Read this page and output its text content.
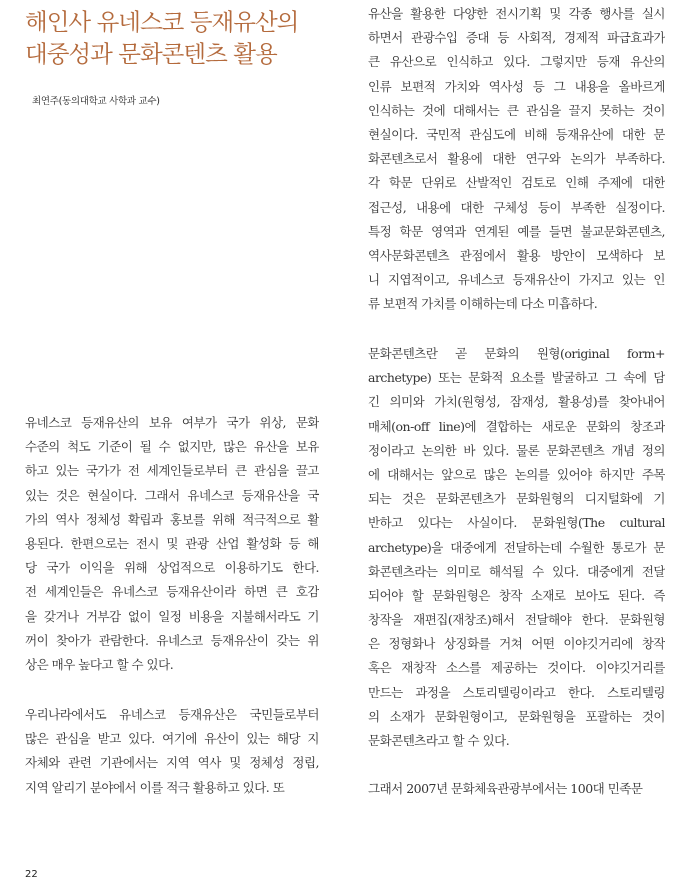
해인사 유네스코 등재유산의
대중성과 문화콘텐츠 활용
최연주(동의대학교 사학과 교수)
유네스코 등재유산의 보유 여부가 국가 위상, 문화
수준의 척도 기준이 될 수 없지만, 많은 유산을 보유
하고 있는 국가가 전 세계인들로부터 큰 관심을 끌고
있는 것은 현실이다. 그래서 유네스코 등재유산을 국
가의 역사 정체성 확립과 홍보를 위해 적극적으로 활
용된다. 한편으로는 전시 및 관광 산업 활성화 등 해
당 국가 이익을 위해 상업적으로 이용하기도 한다.
전 세계인들은 유네스코 등재유산이라 하면 큰 호감
을 갖거나 거부감 없이 일정 비용을 지불해서라도 기
꺼이 찾아가 관람한다. 유네스코 등재유산이 갖는 위
상은 매우 높다고 할 수 있다.
우리나라에서도 유네스코 등재유산은 국민들로부터
많은 관심을 받고 있다. 여기에 유산이 있는 해당 지
자체와 관련 기관에서는 지역 역사 및 정체성 정립,
지역 알리기 분야에서 이를 적극 활용하고 있다. 또
유산을 활용한 다양한 전시기획 및 각종 행사를 실시
하면서 관광수입 증대 등 사회적, 경제적 파급효과가
큰 유산으로 인식하고 있다. 그렇지만 등재 유산의
인류 보편적 가치와 역사성 등 그 내용을 올바르게
인식하는 것에 대해서는 큰 관심을 끌지 못하는 것이
현실이다. 국민적 관심도에 비해 등재유산에 대한 문
화콘텐츠로서 활용에 대한 연구와 논의가 부족하다.
각 학문 단위로 산발적인 검토로 인해 주제에 대한
접근성, 내용에 대한 구체성 등이 부족한 실정이다.
특정 학문 영역과 연계된 예를 들면 불교문화콘텐츠,
역사문화콘텐츠 관점에서 활용 방안이 모색하다 보
니 지엽적이고, 유네스코 등재유산이 가지고 있는 인
류 보편적 가치를 이해하는데 다소 미흡하다.
문화콘텐츠란 곧 문화의 원형(original form+
archetype) 또는 문화적 요소를 발굴하고 그 속에 담
긴 의미와 가치(원형성, 잠재성, 활용성)를 찾아내어
매체(on-off line)에 결합하는 새로운 문화의 창조과
정이라고 논의한 바 있다. 물론 문화콘텐츠 개념 정의
에 대해서는 앞으로 많은 논의를 있어야 하지만 주목
되는 것은 문화콘텐츠가 문화원형의 디지털화에 기
반하고 있다는 사실이다. 문화원형(The cultural
archetype)을 대중에게 전달하는데 수월한 통로가 문
화콘텐츠라는 의미로 해석될 수 있다. 대중에게 전달
되어야 할 문화원형은 창작 소재로 보아도 된다. 즉
창작을 재편집(재창조)해서 전달해야 한다. 문화원형
은 정형화나 상징화를 거쳐 어떤 이야깃거리에 창작
혹은 재창작 소스를 제공하는 것이다. 이야깃거리를
만드는 과정을 스토리텔링이라고 한다. 스토리텔링
의 소재가 문화원형이고, 문화원형을 포괄하는 것이
문화콘텐츠라고 할 수 있다.
그래서 2007년 문화체육관광부에서는 100대 민족문
22
